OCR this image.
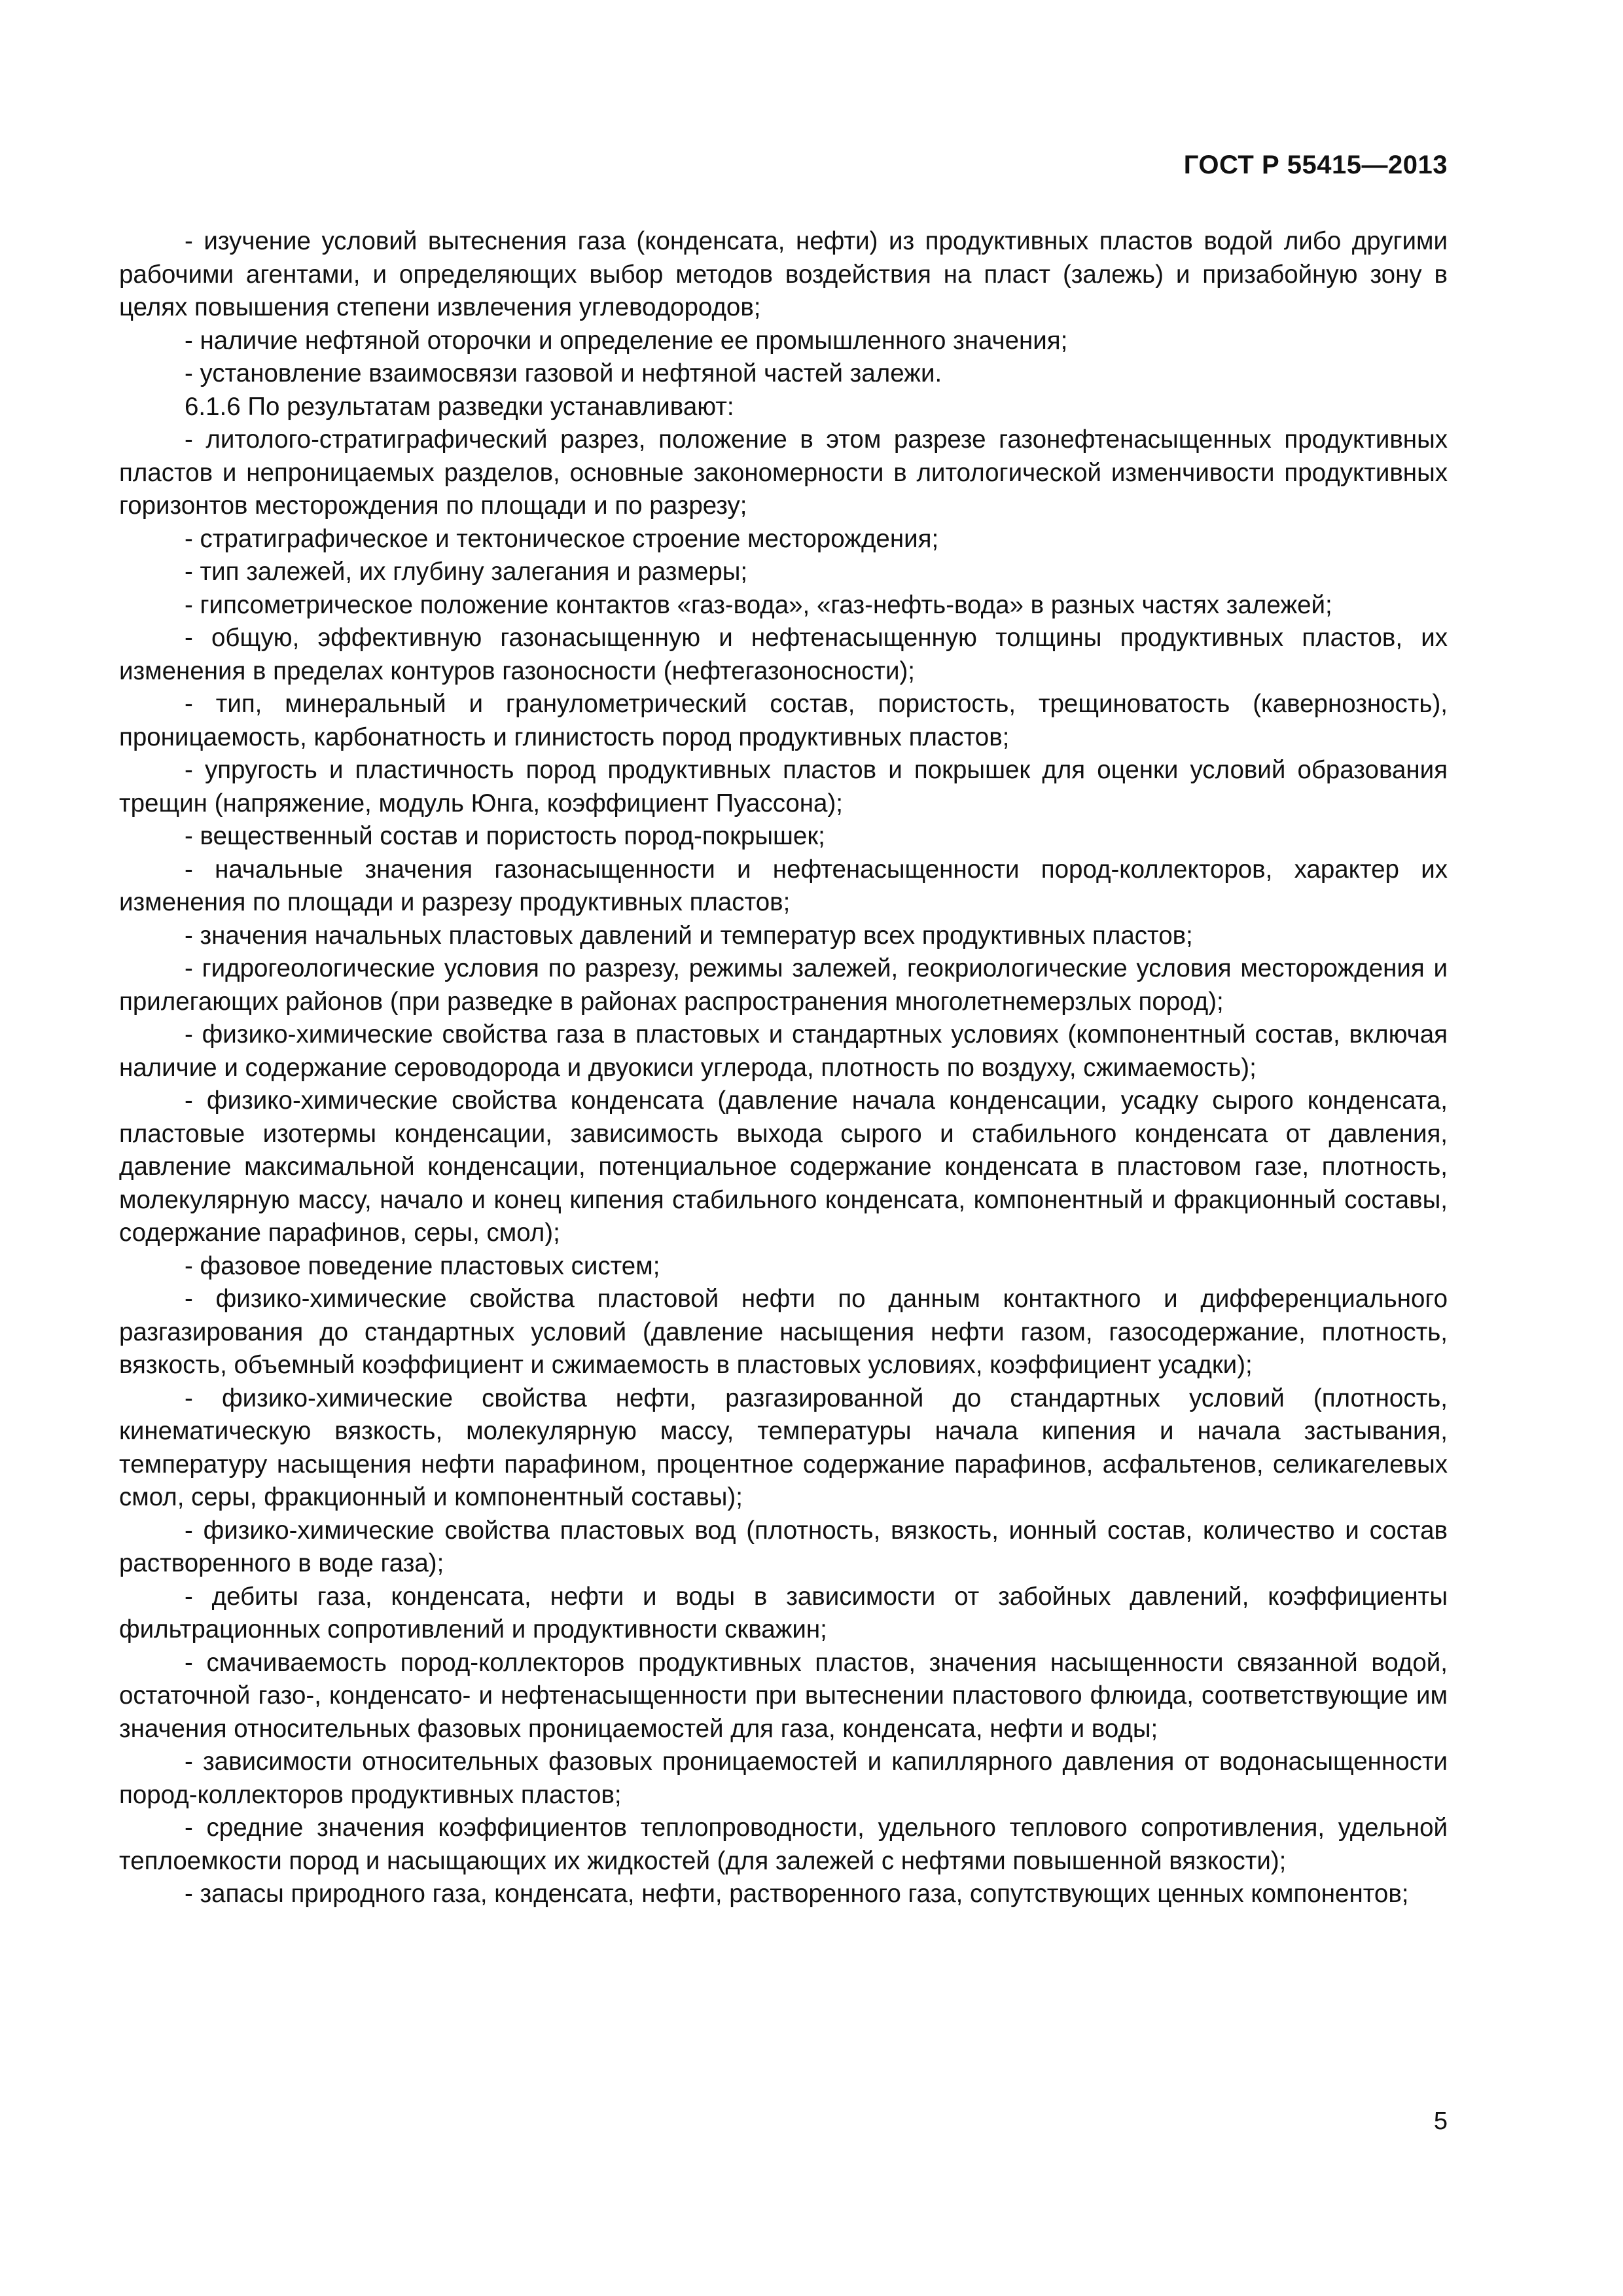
ГОСТ Р 55415—2013

- изучение условий вытеснения газа (конденсата, нефти) из продуктивных пластов водой либо другими рабочими агентами, и определяющих выбор методов воздействия на пласт (залежь) и призабойную зону в целях повышения степени извлечения углеводородов;

- наличие нефтяной оторочки и определение ее промышленного значения;

- установление взаимосвязи газовой и нефтяной частей залежи.

6.1.6 По результатам разведки устанавливают:

- литолого-стратиграфический разрез, положение в этом разрезе газонефтенасыщенных продуктивных пластов и непроницаемых разделов, основные закономерности в литологической изменчивости продуктивных горизонтов месторождения по площади и по разрезу;

- стратиграфическое и тектоническое строение месторождения;

- тип залежей, их глубину залегания и размеры;

- гипсометрическое положение контактов «газ-вода», «газ-нефть-вода» в разных частях залежей;

- общую, эффективную газонасыщенную и нефтенасыщенную толщины продуктивных пластов, их изменения в пределах контуров газоносности (нефтегазоносности);

- тип, минеральный и гранулометрический состав, пористость, трещиноватость (кавернозность), проницаемость, карбонатность и глинистость пород продуктивных пластов;

- упругость и пластичность пород продуктивных пластов и покрышек для оценки условий образования трещин (напряжение, модуль Юнга, коэффициент Пуассона);

- вещественный состав и пористость пород-покрышек;

- начальные значения газонасыщенности и нефтенасыщенности пород-коллекторов, характер их изменения по площади и разрезу продуктивных пластов;

- значения начальных пластовых давлений и температур всех продуктивных пластов;

- гидрогеологические условия по разрезу, режимы залежей, геокриологические условия месторождения и прилегающих районов (при разведке в районах распространения многолетнемерзлых пород);

- физико-химические свойства газа в пластовых и стандартных условиях (компонентный состав, включая наличие и содержание сероводорода и двуокиси углерода, плотность по воздуху, сжимаемость);

- физико-химические свойства конденсата (давление начала конденсации, усадку сырого конденсата, пластовые изотермы конденсации, зависимость выхода сырого и стабильного конденсата от давления, давление максимальной конденсации, потенциальное содержание конденсата в пластовом газе, плотность, молекулярную массу, начало и конец кипения стабильного конденсата, компонентный и фракционный составы, содержание парафинов, серы, смол);

- фазовое поведение пластовых систем;

- физико-химические свойства пластовой нефти по данным контактного и дифференциального разгазирования до стандартных условий (давление насыщения нефти газом, газосодержание, плотность, вязкость, объемный коэффициент и сжимаемость в пластовых условиях, коэффициент усадки);

- физико-химические свойства нефти, разгазированной до стандартных условий (плотность, кинематическую вязкость, молекулярную массу, температуры начала кипения и начала застывания, температуру насыщения нефти парафином, процентное содержание парафинов, асфальтенов, селикагелевых смол, серы, фракционный и компонентный составы);

- физико-химические свойства пластовых вод (плотность, вязкость, ионный состав, количество и состав растворенного в воде газа);

- дебиты газа, конденсата, нефти и воды в зависимости от забойных давлений, коэффициенты фильтрационных сопротивлений и продуктивности скважин;

- смачиваемость пород-коллекторов продуктивных пластов, значения насыщенности связанной водой, остаточной газо-, конденсато- и нефтенасыщенности при вытеснении пластового флюида, соответствующие им значения относительных фазовых проницаемостей для газа, конденсата, нефти и воды;

- зависимости относительных фазовых проницаемостей и капиллярного давления от водонасыщенности пород-коллекторов продуктивных пластов;

- средние значения коэффициентов теплопроводности, удельного теплового сопротивления, удельной теплоемкости пород и насыщающих их жидкостей (для залежей с нефтями повышенной вязкости);

- запасы природного газа, конденсата, нефти, растворенного газа, сопутствующих ценных компонентов;

5
